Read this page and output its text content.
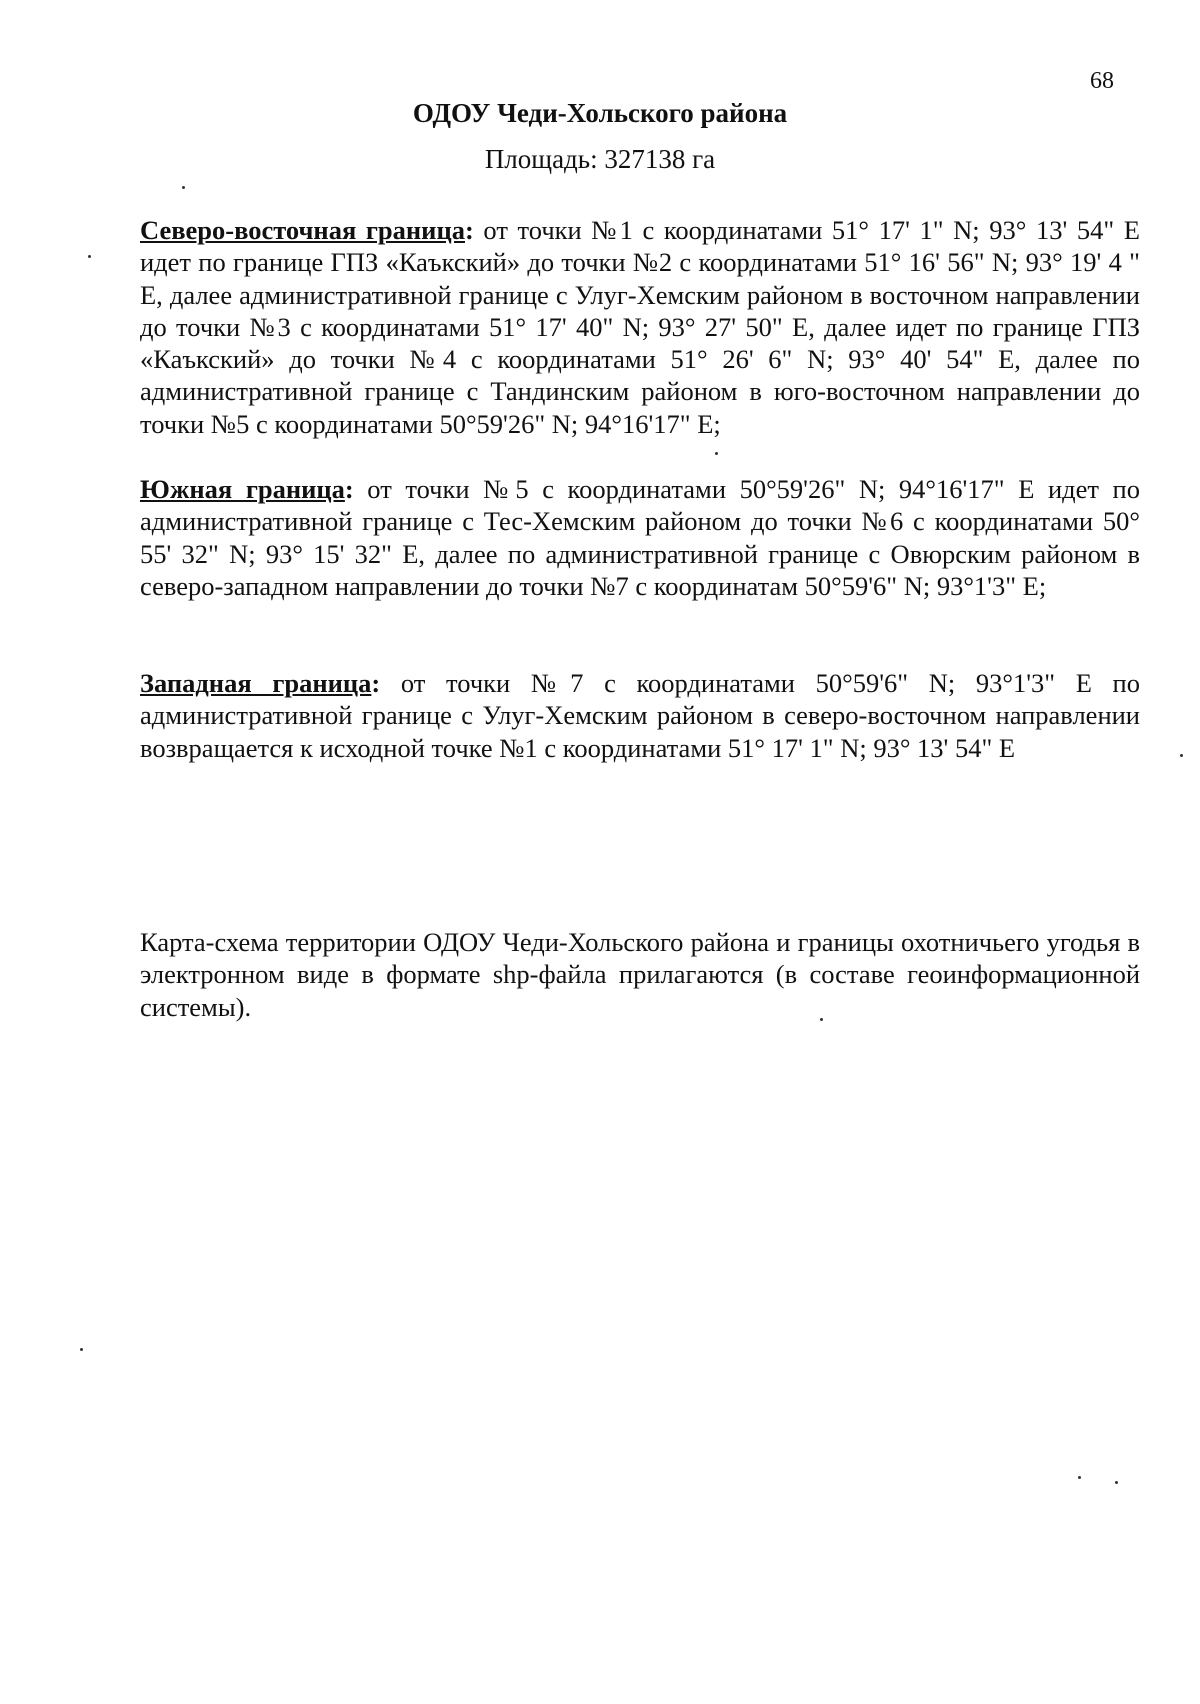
68
ОДОУ Чеди-Хольского района
Площадь: 327138 га
Северо-восточная граница: от точки №1 с координатами 51° 17' 1" N; 93° 13' 54" E идет по границе ГПЗ «Каъкский» до точки №2 с координатами 51° 16' 56" N; 93° 19' 4 " E, далее административной границе с Улуг-Хемским районом в восточном направлении до точки №3 с координатами 51° 17' 40" N; 93° 27' 50" E, далее идет по границе ГПЗ «Каъкский» до точки №4 с координатами 51° 26' 6" N; 93° 40' 54" E, далее по административной границе с Тандинским районом в юго-восточном направлении до точки №5 с координатами 50°59'26" N; 94°16'17" E;
Южная граница: от точки №5 с координатами 50°59'26" N; 94°16'17" E идет по административной границе с Тес-Хемским районом до точки №6 с координатами 50° 55' 32" N; 93° 15' 32" E, далее по административной границе с Овюрским районом в северо-западном направлении до точки №7 с координатам 50°59'6" N; 93°1'3" E;
Западная граница: от точки №7 с координатами 50°59'6" N; 93°1'3" E по административной границе с Улуг-Хемским районом в северо-восточном направлении возвращается к исходной точке №1 с координатами 51° 17' 1" N; 93° 13' 54" E
Карта-схема территории ОДОУ Чеди-Хольского района и границы охотничьего угодья в электронном виде в формате shp-файла прилагаются (в составе геоинформационной системы).
